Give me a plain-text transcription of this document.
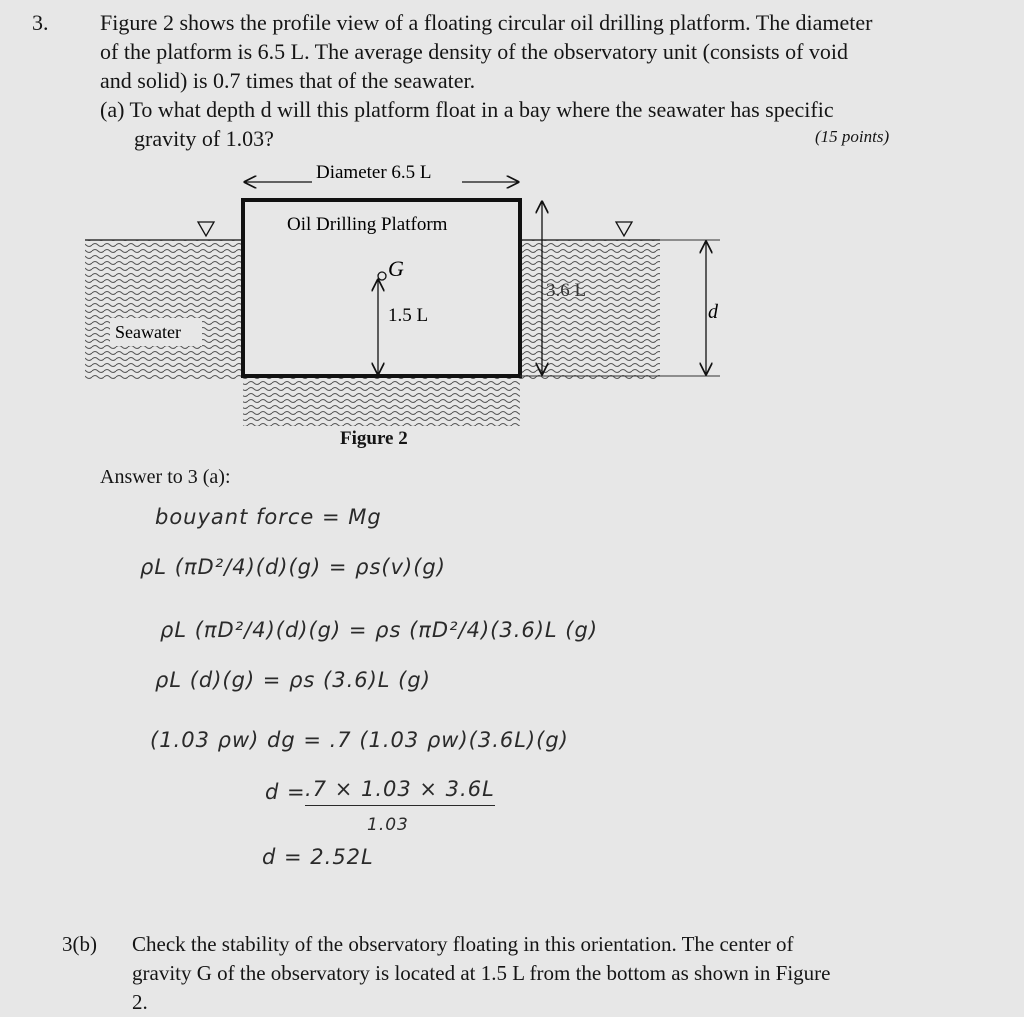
3. Figure 2 shows the profile view of a floating circular oil drilling platform. The diameter

of the platform is 6.5 L. The average density of the observatory unit (consists of void

and solid) is 0.7 times that of the seawater.

(a) To what depth d will this platform float in a bay where the seawater has specific
gravity of 1.03?	(15 points)
Seawater
Oil Drilling Platform
Diameter 6.5 L
G
1.5 L
3.6 L
d
Figure 2
Answer to 3 (a):
bouyant force = Mg
ρL (πD²/4)(d)(g) = ρs(v)(g)
ρL (πD²/4)(d)(g) = ρs (πD²/4)(3.6)L (g)
ρL (d)(g) = ρs (3.6)L (g)
(1.03 ρw) dg = .7 (1.03 ρw)(3.6L)(g)
d = .7 × 1.03 × 3.6L
1.03
d = 2.52L
3(b) Check the stability of the observatory floating in this orientation. The center of
gravity G of the observatory is located at 1.5 L from the bottom as shown in Figure
2.
